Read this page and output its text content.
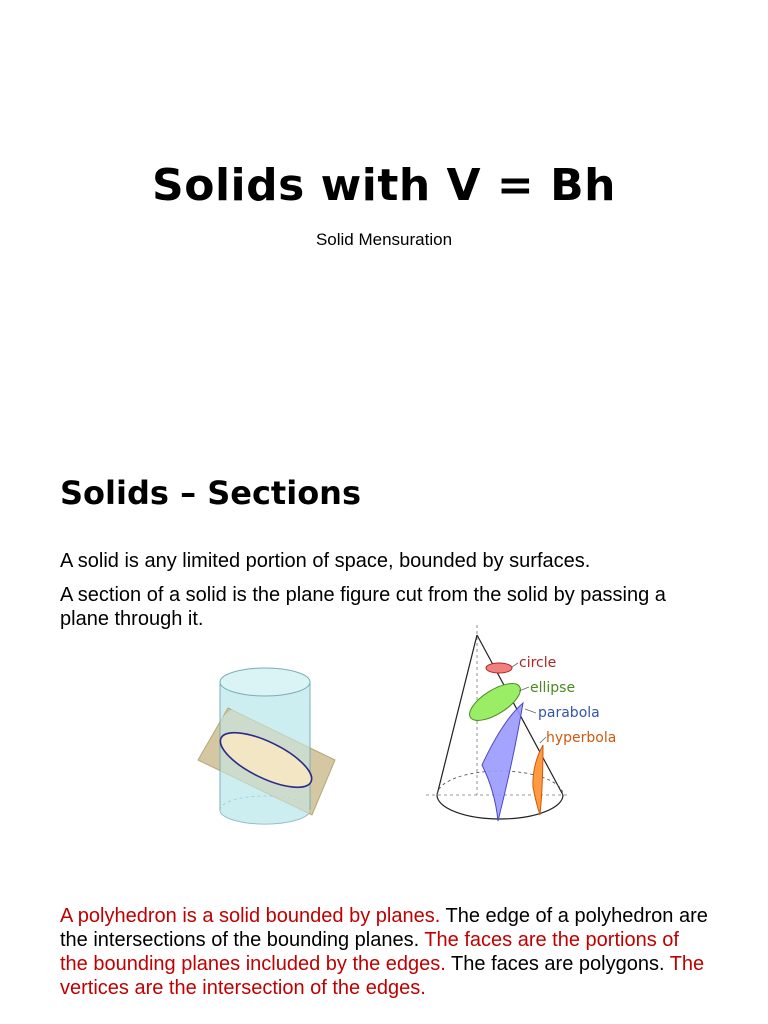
Solids with V = Bh
Solid Mensuration
Solids – Sections
A solid is any limited portion of space, bounded by surfaces.
A section of a solid is the plane figure cut from the solid by passing a plane through it.
circle
ellipse
parabola
hyperbola
A polyhedron is a solid bounded by planes. The edge of a polyhedron are the intersections of the bounding planes. The faces are the portions of the bounding planes included by the edges. The faces are polygons. The vertices are the intersection of the edges.
